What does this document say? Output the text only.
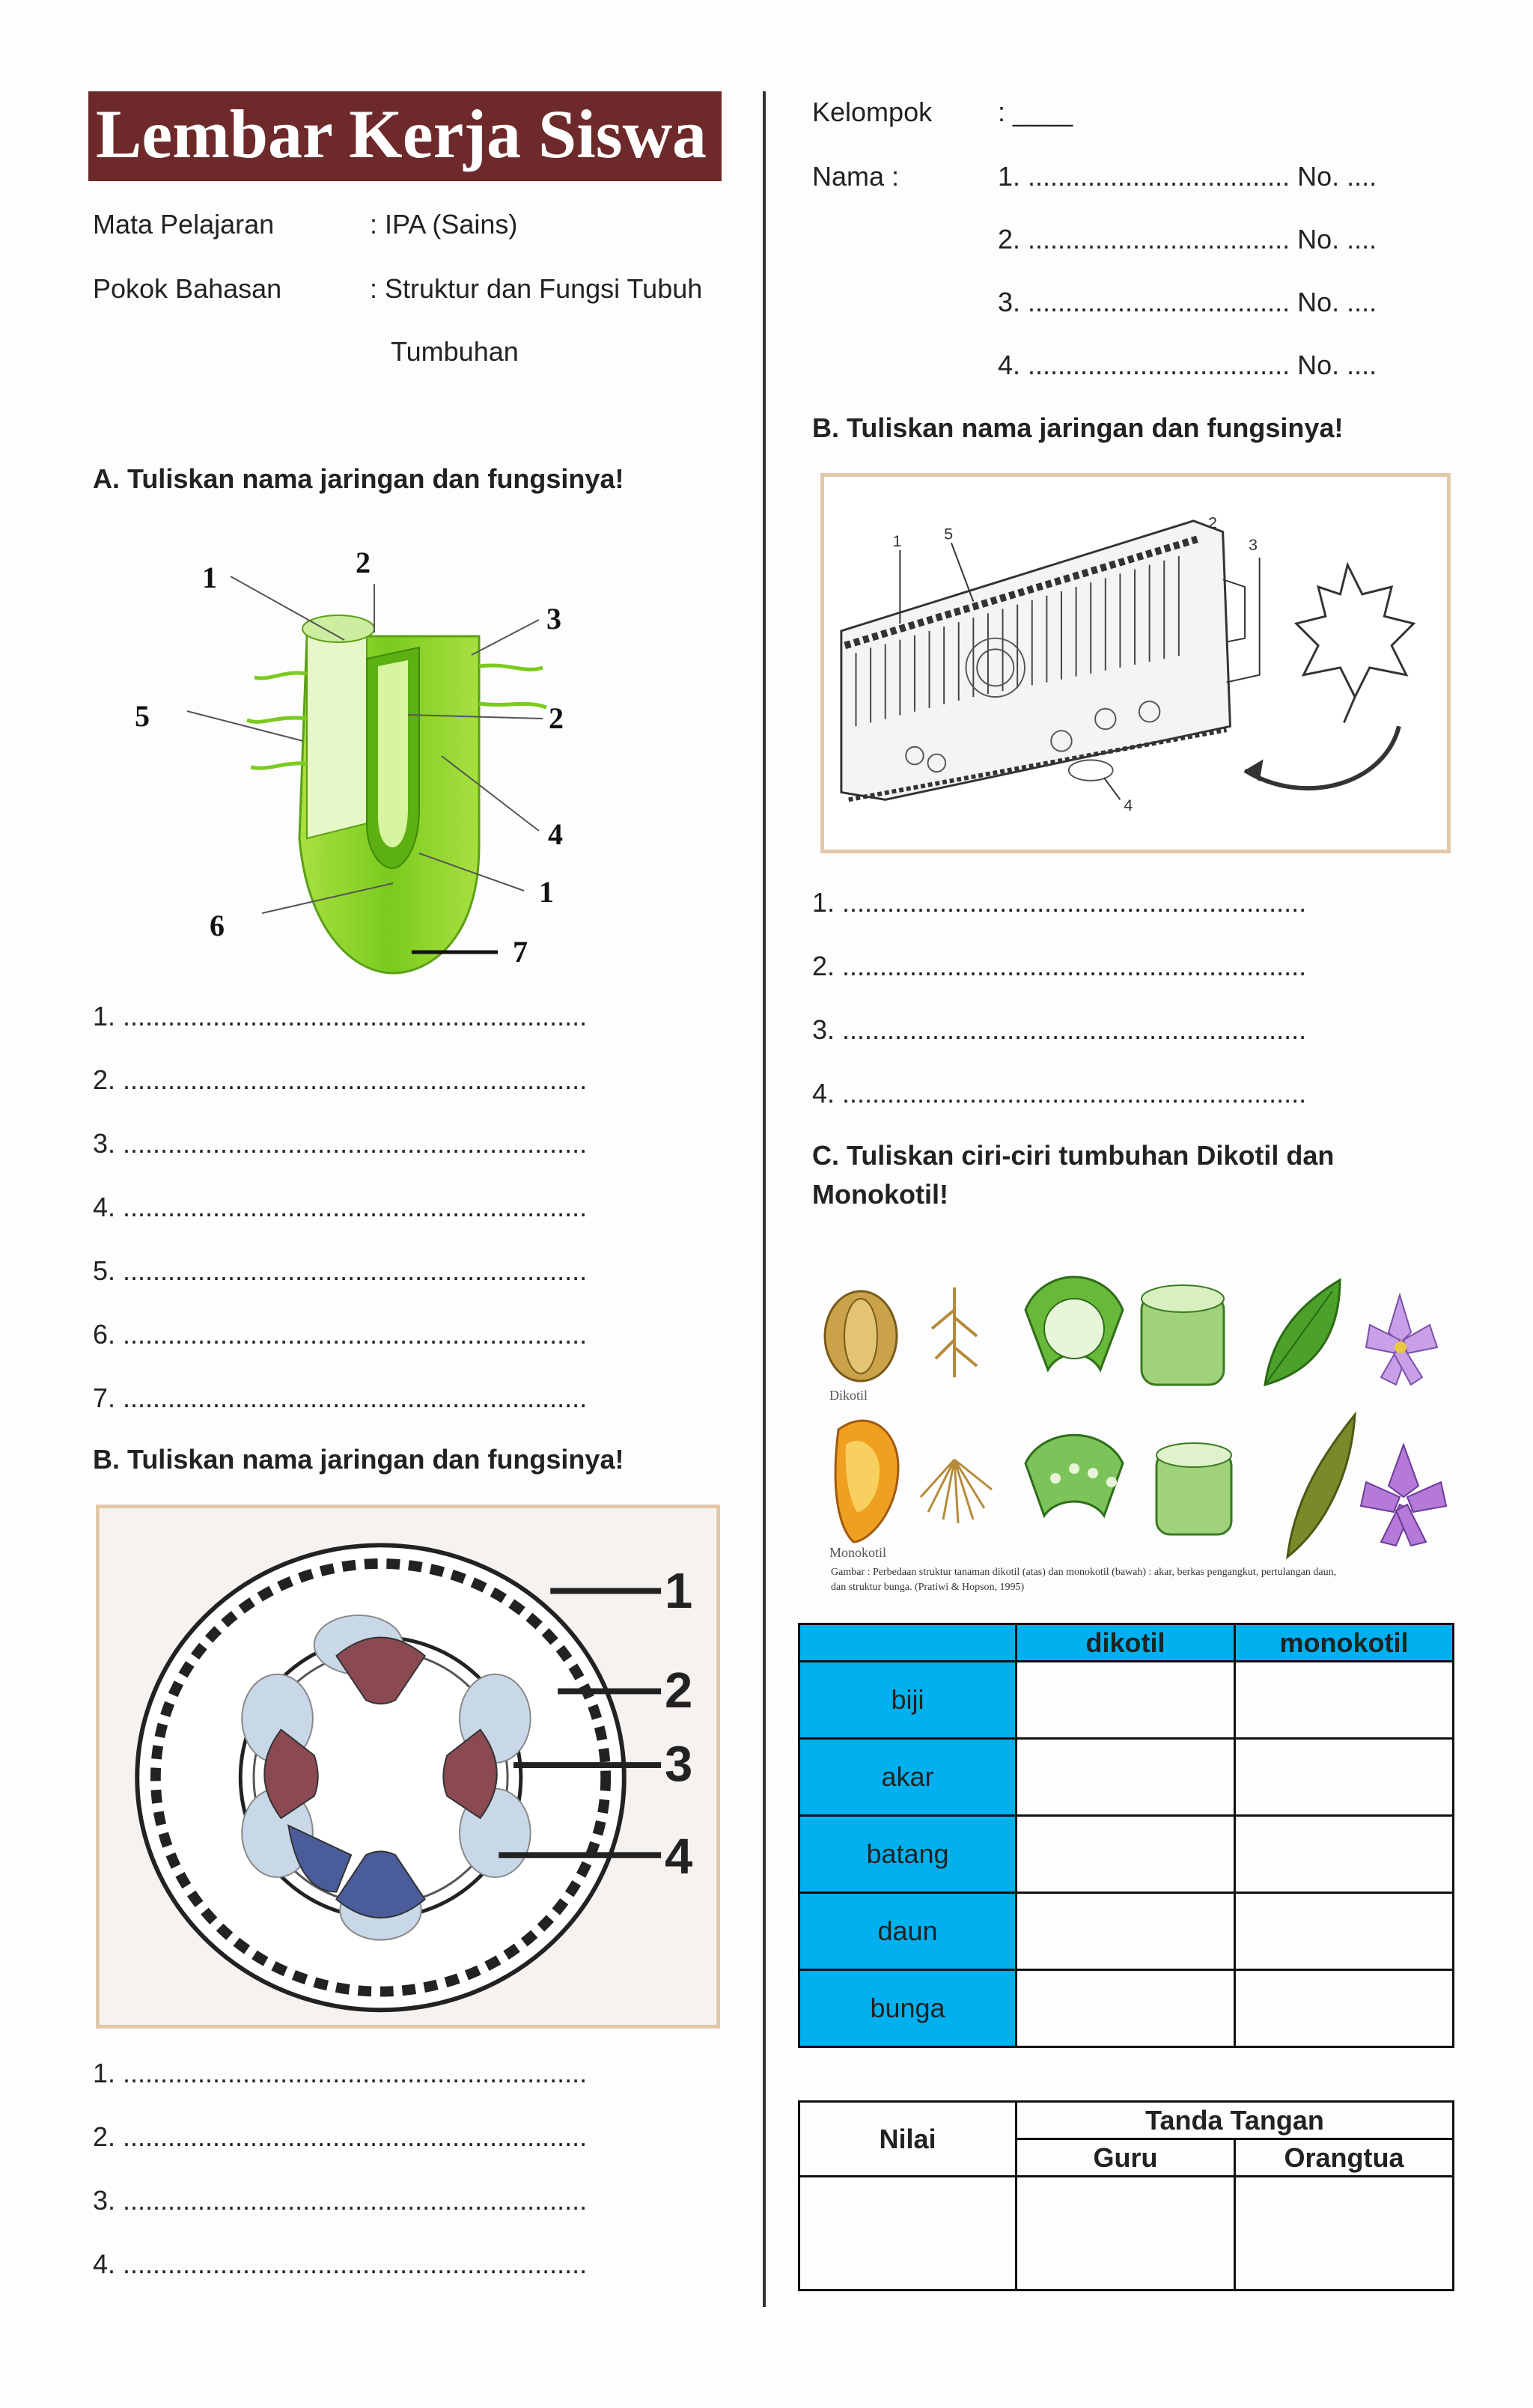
Lembar Kerja Siswa
Mata Pelajaran	: IPA (Sains)
Pokok Bahasan	: Struktur dan Fungsi Tubuh
Tumbuhan
A. Tuliskan nama jaringan dan fungsinya!
1	2
3
2
5
4
1
6
7
1. ..............................................................
2. ..............................................................
3. ..............................................................
4. ..............................................................
5. ..............................................................
6. ..............................................................
7. ..............................................................
B. Tuliskan nama jaringan dan fungsinya!
1
2
3
4
1. ..............................................................
2. ..............................................................
3. ..............................................................
4. ..............................................................
Kelompok : ____
Nama :	1. ................................... No. ....
2. ................................... No. ....
3. ................................... No. ....
4. ................................... No. ....
B. Tuliskan nama jaringan dan fungsinya!
1	5
2
3
4
1. ..............................................................
2. ..............................................................
3. ..............................................................
4. ..............................................................
C. Tuliskan ciri-ciri tumbuhan Dikotil dan
Monokotil!
Dikotil
Monokotil
Gambar : Perbedaan struktur tanaman dikotil (atas) dan monokotil (bawah) : akar, berkas pengangkut, pertulangan daun,
dan struktur bunga. (Pratiwi & Hopson, 1995)
	dikotil	monokotil
biji		
akar		
batang		
daun		
bunga		
Nilai	Tanda Tangan	
	Guru	Orangtua
